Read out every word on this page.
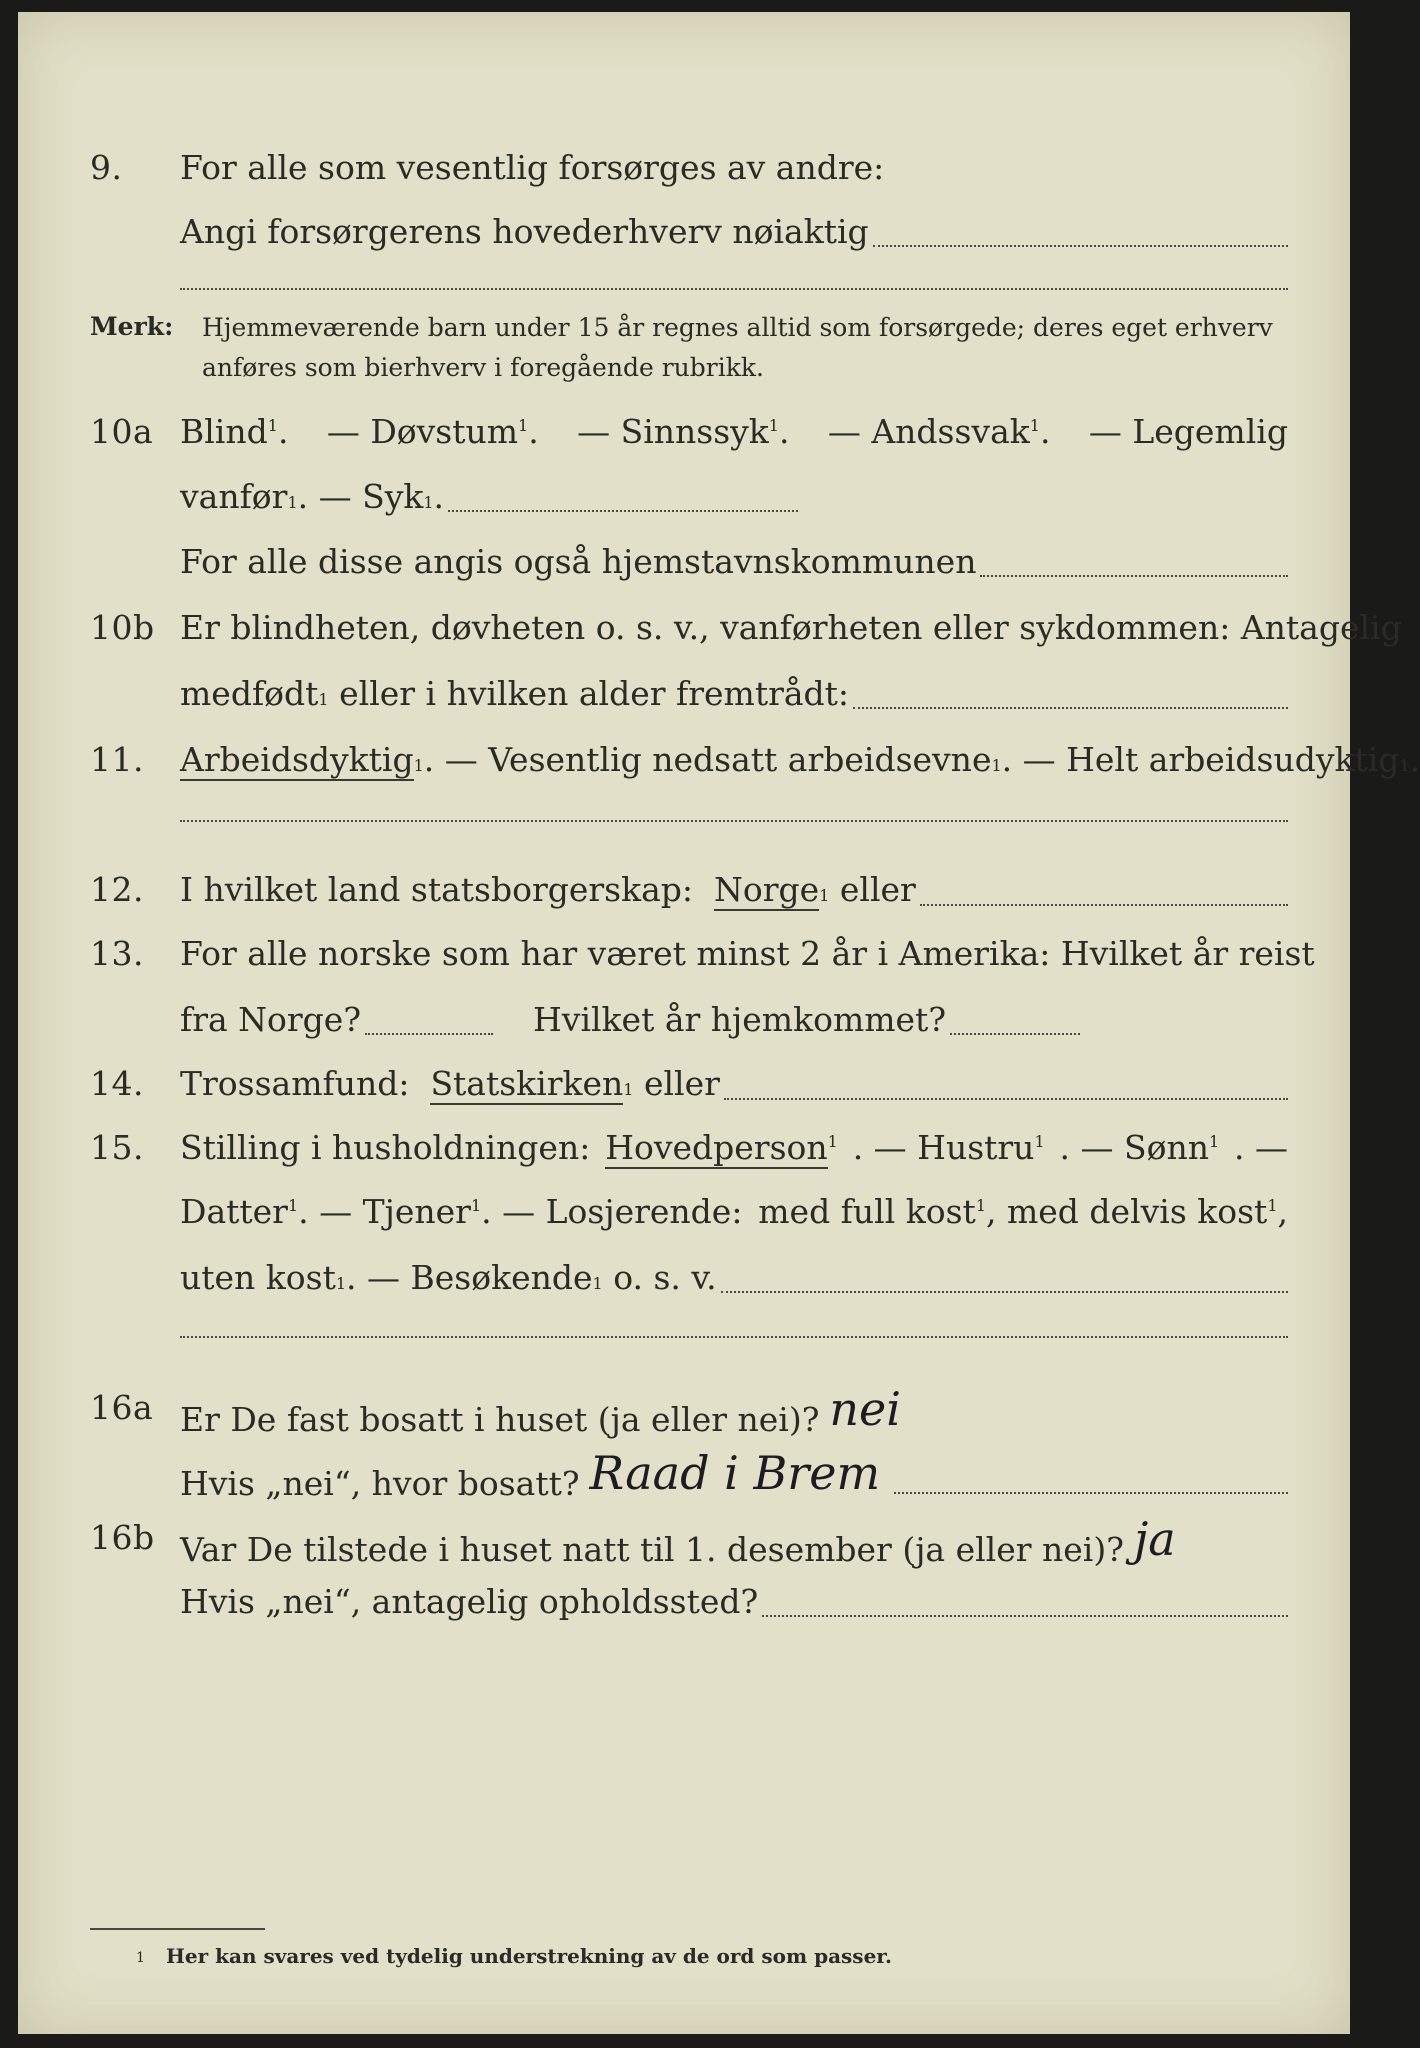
9.	For alle som vesentlig forsørges av andre:
Angi forsørgerens hovederhverv nøiaktig
Merk: Hjemmeværende barn under 15 år regnes alltid som forsørgede; deres eget erhverv anføres som bierhverv i foregående rubrikk.
10a Blind$^1$. — Døvstum$^1$. — Sinnssyk$^1$. — Andssvak$^1$. — Legemlig
vanfør 1 . — Syk 1 .
For alle disse angis også hjemstavnskommunen
10b Er blindheten, døvheten o. s. v., vanførheten eller sykdommen: Antagelig
medfødt 1
eller i hvilken alder fremtrådt:
11.	Arbeidsdyktig 1 . — Vesentlig nedsatt arbeidsevne 1 . — Helt arbeidsudyktig 1 .
12.	I hvilket land statsborgerskap:
Norge 1
eller
13.	For alle norske som har været minst 2 år i Amerika: Hvilket år reist
fra Norge?	Hvilket år hjemkommet?
14.	Trossamfund:
Statskirken 1
eller
15.	Stilling i husholdningen: Hovedperson$^1$ . — Hustru$^1$ . — Sønn$^1$ . —
Datter$^1$. — Tjener$^1$. — Losjerende: med full kost$^1$, med delvis kost$^1$,
uten kost 1 . — Besøkende 1
o. s. v.
16a Er De fast bosatt i huset (ja eller nei)? nei
Hvis „nei“, hvor bosatt? Raad i Brem
16b Var De tilstede i huset natt til 1. desember (ja eller nei)? ja
Hvis „nei“, antagelig opholdssted?
1 Her kan svares ved tydelig understrekning av de ord som passer.
